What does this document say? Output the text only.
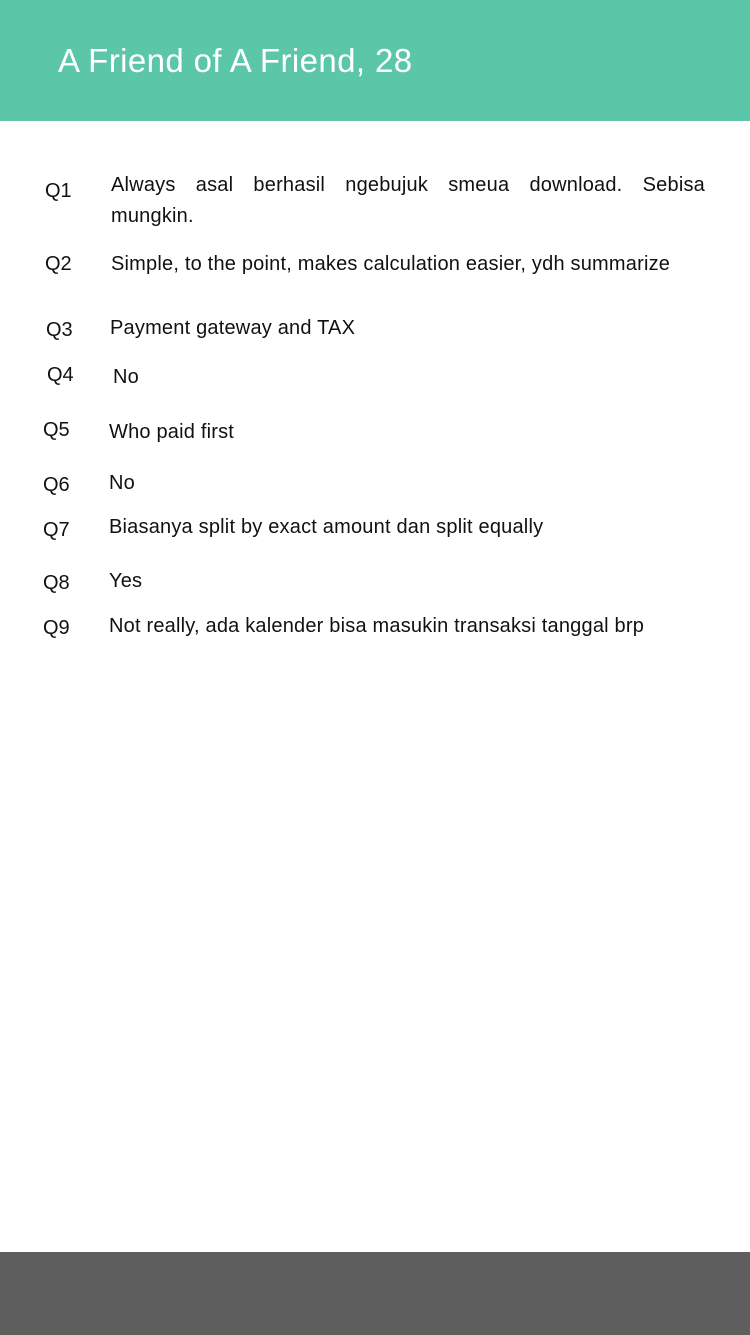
A Friend of A Friend, 28
Q1 Always asal berhasil ngebujuk smeua download. Sebisa mungkin.
Q2 Simple, to the point, makes calculation easier, ydh summarize
Q3 Payment gateway and TAX
Q4 No
Q5 Who paid first
Q6 No
Q7 Biasanya split by exact amount dan split equally
Q8 Yes
Q9 Not really, ada kalender bisa masukin transaksi tanggal brp
